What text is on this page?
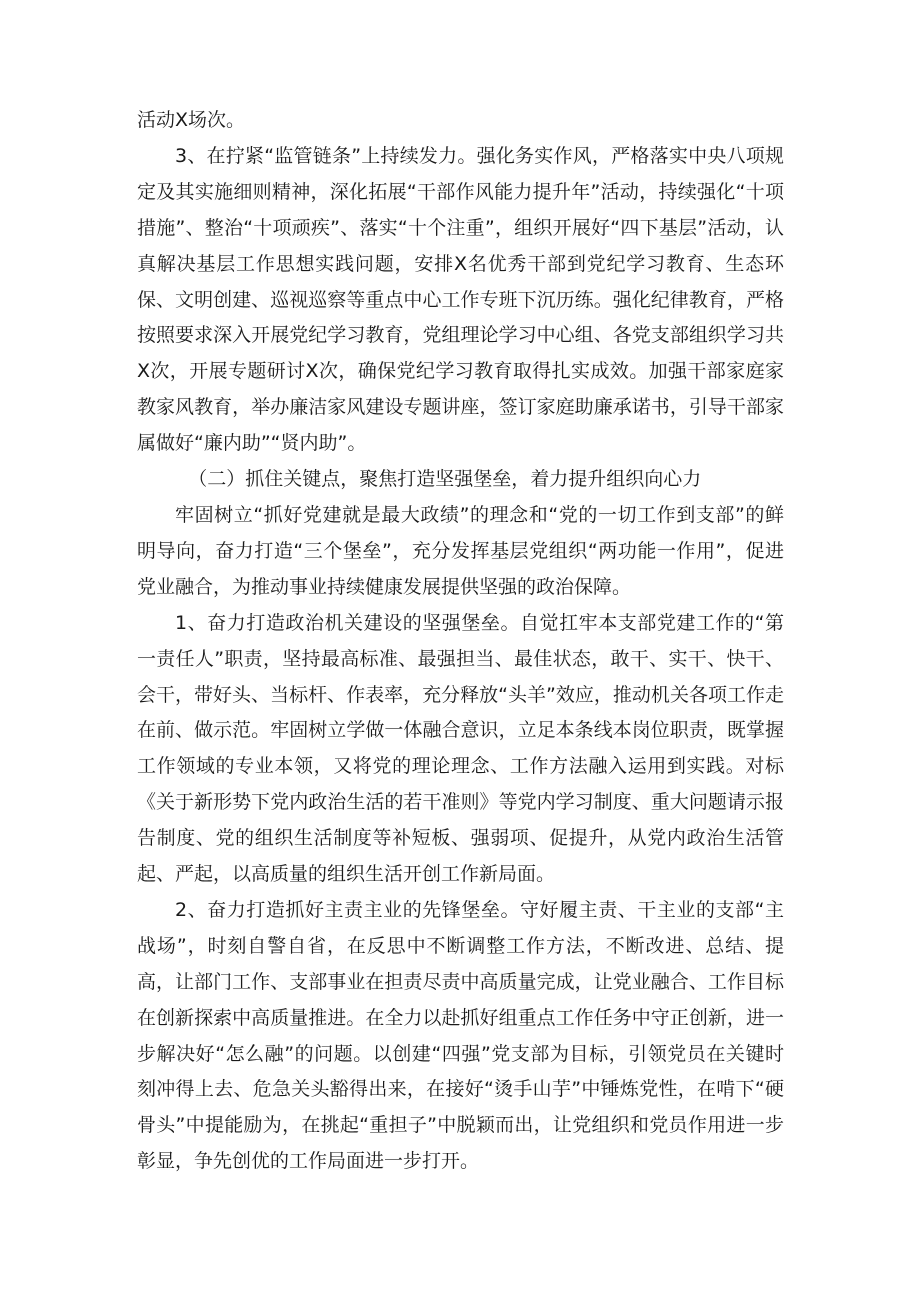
活动X场次。

3、在拧紧“监管链条”上持续发力。强化务实作风，严格落实中央八项规定及其实施细则精神，深化拓展“干部作风能力提升年”活动，持续强化“十项措施”、整治“十项顽疾”、落实“十个注重”，组织开展好“四下基层”活动，认真解决基层工作思想实践问题，安排X名优秀干部到党纪学习教育、生态环保、文明创建、巡视巡察等重点中心工作专班下沉历练。强化纪律教育，严格按照要求深入开展党纪学习教育，党组理论学习中心组、各党支部组织学习共X次，开展专题研讨X次，确保党纪学习教育取得扎实成效。加强干部家庭家教家风教育，举办廉洁家风建设专题讲座，签订家庭助廉承诺书，引导干部家属做好“廉内助”“贤内助”。

（二）抓住关键点，聚焦打造坚强堡垒，着力提升组织向心力

牢固树立“抓好党建就是最大政绩”的理念和“党的一切工作到支部”的鲜明导向，奋力打造“三个堡垒”，充分发挥基层党组织“两功能一作用”，促进党业融合，为推动事业持续健康发展提供坚强的政治保障。

1、奋力打造政治机关建设的坚强堡垒。自觉扛牢本支部党建工作的“第一责任人”职责，坚持最高标准、最强担当、最佳状态，敢干、实干、快干、会干，带好头、当标杆、作表率，充分释放“头羊”效应，推动机关各项工作走在前、做示范。牢固树立学做一体融合意识，立足本条线本岗位职责，既掌握工作领域的专业本领，又将党的理论理念、工作方法融入运用到实践。对标《关于新形势下党内政治生活的若干准则》等党内学习制度、重大问题请示报告制度、党的组织生活制度等补短板、强弱项、促提升，从党内政治生活管起、严起，以高质量的组织生活开创工作新局面。

2、奋力打造抓好主责主业的先锋堡垒。守好履主责、干主业的支部“主战场”，时刻自警自省，在反思中不断调整工作方法，不断改进、总结、提高，让部门工作、支部事业在担责尽责中高质量完成，让党业融合、工作目标在创新探索中高质量推进。在全力以赴抓好组重点工作任务中守正创新，进一步解决好“怎么融”的问题。以创建“四强”党支部为目标，引领党员在关键时刻冲得上去、危急关头豁得出来，在接好“烫手山芋”中锤炼党性，在啃下“硬骨头”中提能励为，在挑起“重担子”中脱颖而出，让党组织和党员作用进一步彰显，争先创优的工作局面进一步打开。
